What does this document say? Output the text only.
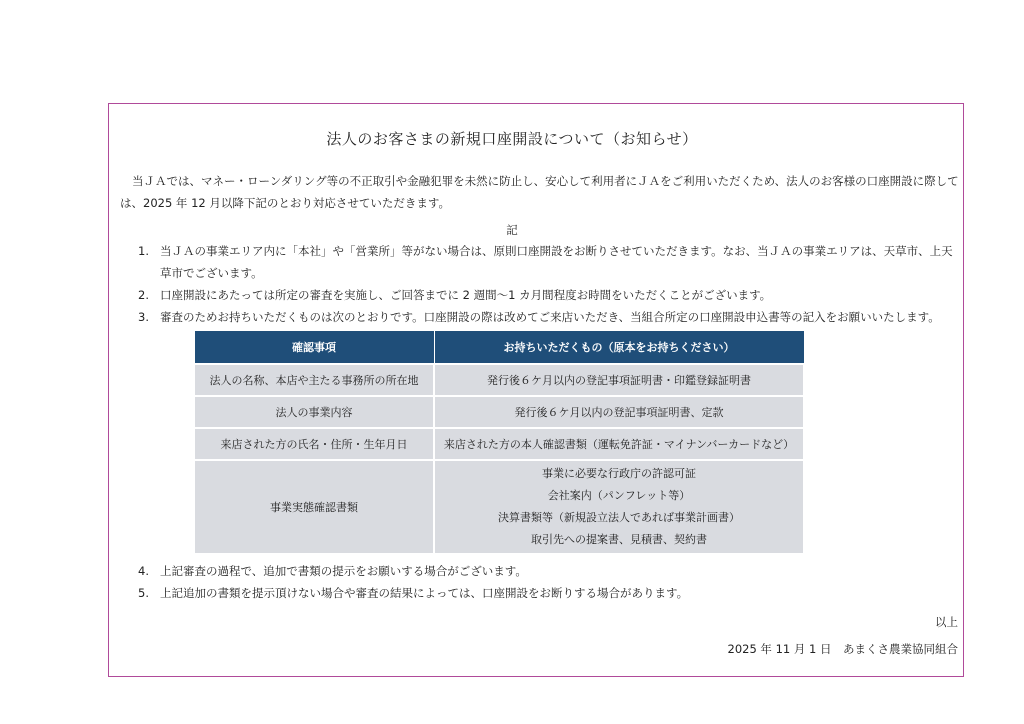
法人のお客さまの新規口座開設について（お知らせ）

当ＪＡでは、マネー・ローンダリング等の不正取引や金融犯罪を未然に防止し、安心して利用者にＪＡをご利用いただくため、法人のお客様の口座開設に際しては、2025 年 12 月以降下記のとおり対応させていただきます。

記
1. 当ＪＡの事業エリア内に「本社」や「営業所」等がない場合は、原則口座開設をお断りさせていただきます。なお、当ＪＡの事業エリアは、天草市、上天草市でございます。
2. 口座開設にあたっては所定の審査を実施し、ご回答までに 2 週間～1 カ月間程度お時間をいただくことがございます。
3. 審査のためお持ちいただくものは次のとおりです。口座開設の際は改めてご来店いただき、当組合所定の口座開設申込書等の記入をお願いいたします。
確認事項	お持ちいただくもの（原本をお持ちください）
法人の名称、本店や主たる事務所の所在地	発行後６ケ月以内の登記事項証明書・印鑑登録証明書
法人の事業内容	発行後６ケ月以内の登記事項証明書、定款
来店された方の氏名・住所・生年月日	来店された方の本人確認書類（運転免許証・マイナンバーカードなど）
事業実態確認書類	事業に必要な行政庁の許認可証
会社案内（パンフレット等）
決算書類等（新規設立法人であれば事業計画書）
取引先への提案書、見積書、契約書
4. 上記審査の過程で、追加で書類の提示をお願いする場合がございます。
5. 上記追加の書類を提示頂けない場合や審査の結果によっては、口座開設をお断りする場合があります。
以上
2025 年 11 月 1 日　あまくさ農業協同組合
